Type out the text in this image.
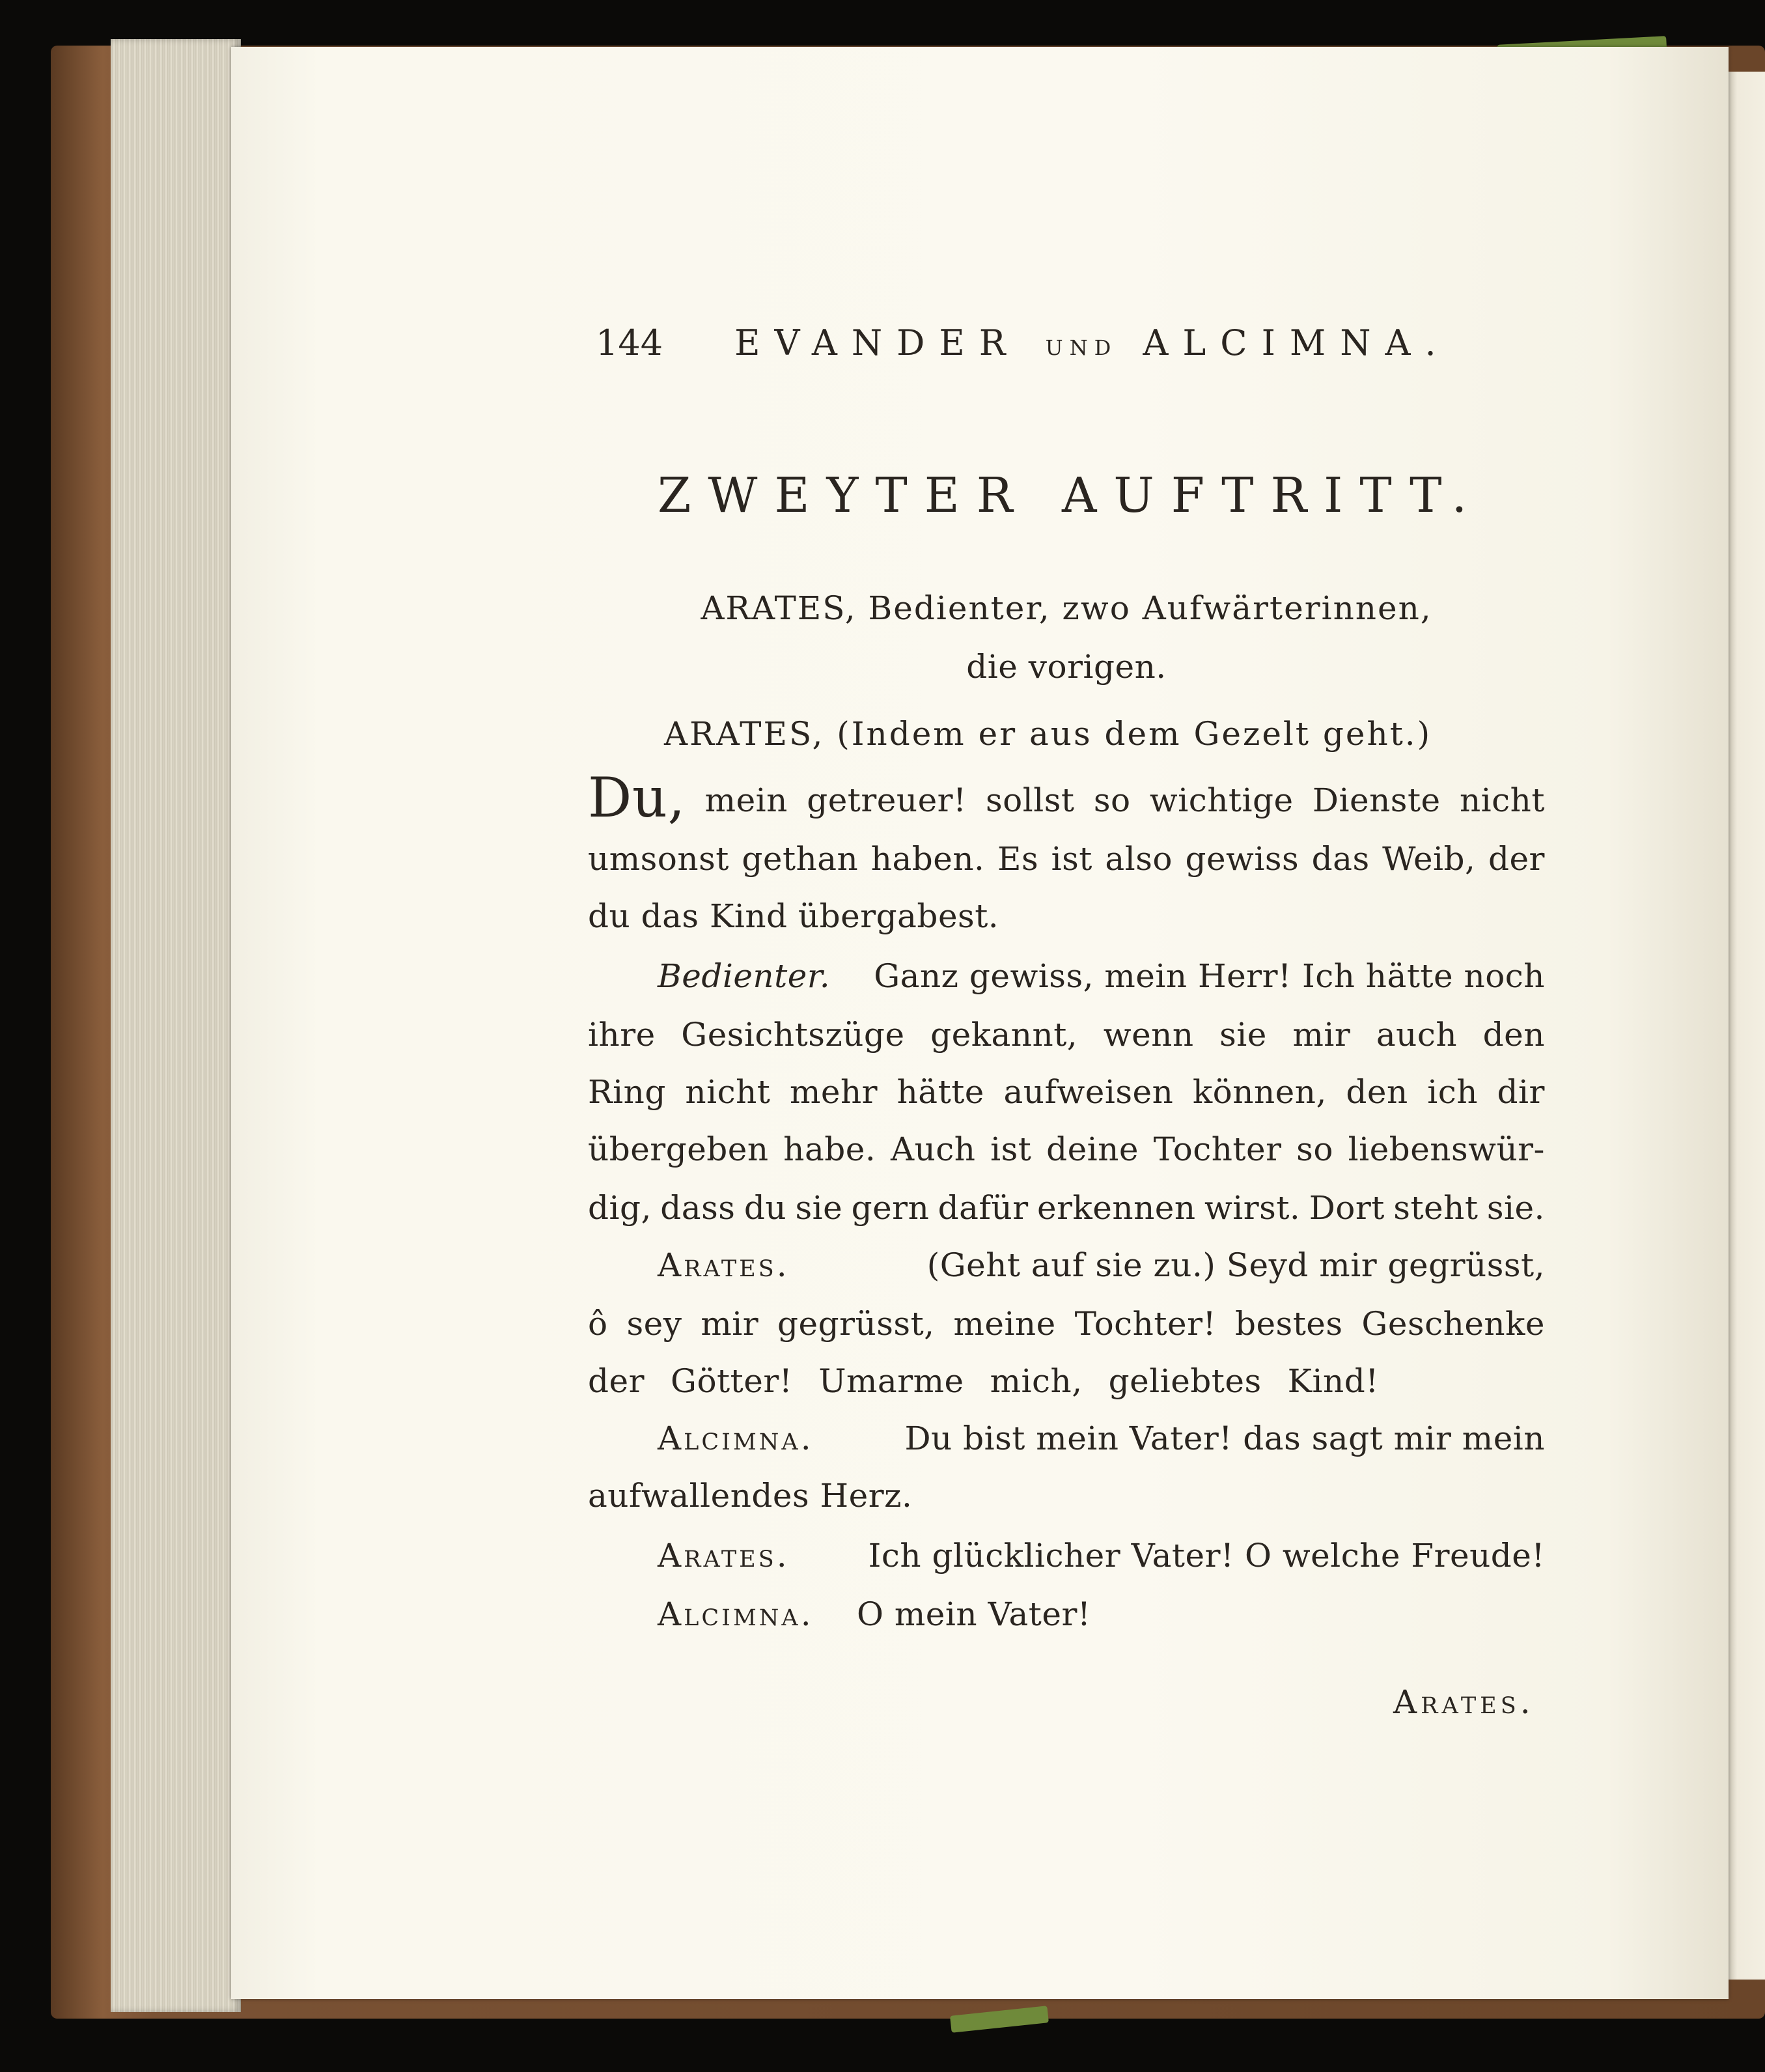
144 EVANDER UND ALCIMNA.
ZWEYTER AUFTRITT.
ARATES, Bedienter, zwo Aufwärterinnen,
die vorigen.
ARATES, (Indem er aus dem Gezelt geht.)
Du, mein getreuer! sollst so wichtige Dienste nicht
umsonst gethan haben. Es ist also gewiss das Weib, der
du das Kind übergabest.
Bedienter. Ganz gewiss, mein Herr! Ich hätte noch
ihre Gesichtszüge gekannt, wenn sie mir auch den
Ring nicht mehr hätte aufweisen können, den ich dir
übergeben habe. Auch ist deine Tochter so liebenswür-
dig, dass du sie gern dafür erkennen wirst. Dort steht sie.
Arates.	(Geht auf sie zu.) Seyd mir gegrüsst,
ô sey mir gegrüsst, meine Tochter! bestes Geschenke
der Götter! Umarme mich, geliebtes Kind!
Alcimna.	Du bist mein Vater! das sagt mir mein
aufwallendes Herz.
Arates. Ich glücklicher Vater! O welche Freude!
Alcimna. O mein Vater!
Arates.
